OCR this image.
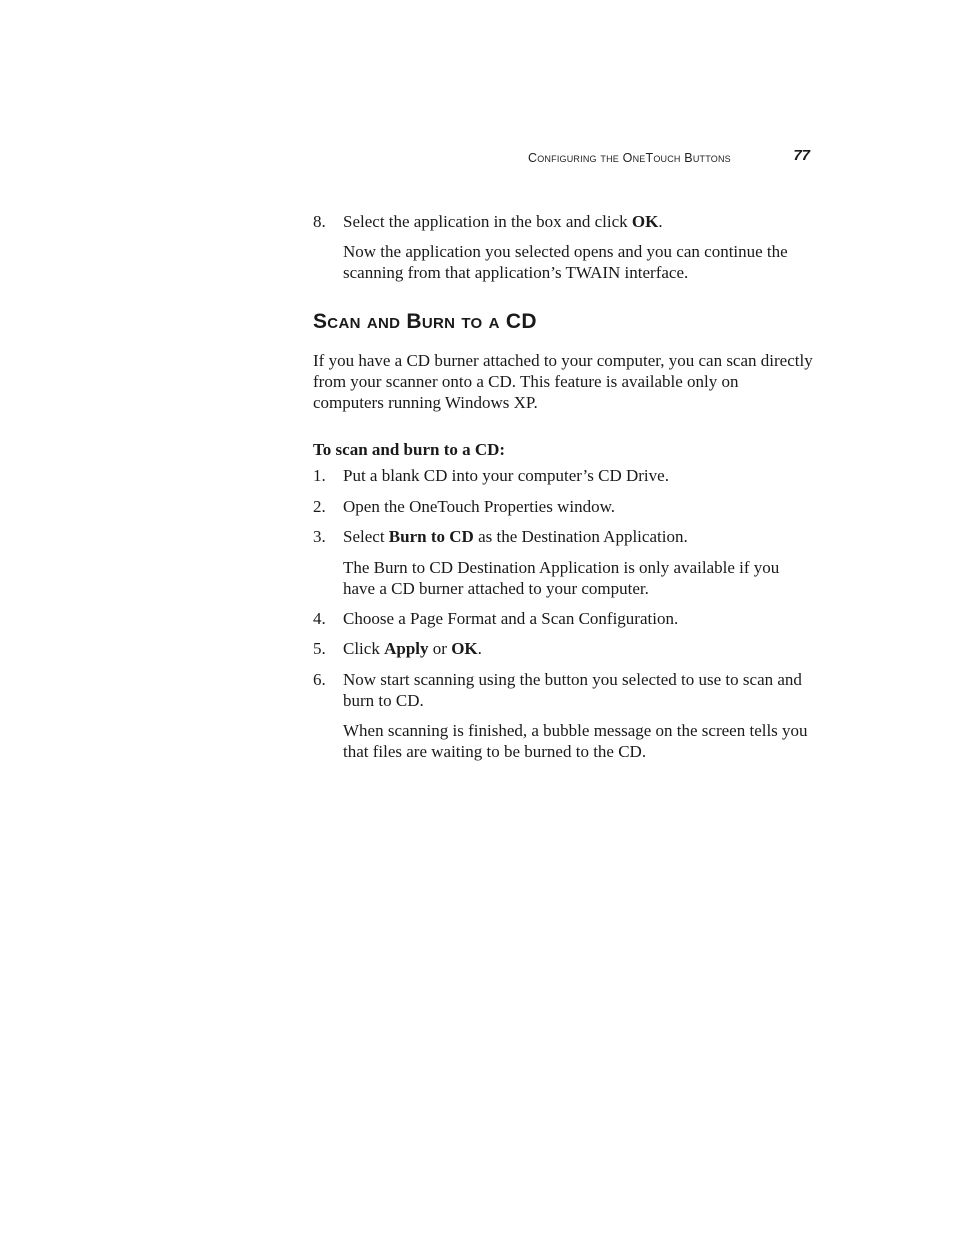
Configuring the OneTouch Buttons	77
8. Select the application in the box and click OK.

Now the application you selected opens and you can continue the scanning from that application’s TWAIN interface.

Scan and Burn to a CD

If you have a CD burner attached to your computer, you can scan directly from your scanner onto a CD. This feature is available only on computers running Windows XP.

To scan and burn to a CD:

1. Put a blank CD into your computer’s CD Drive.

2. Open the OneTouch Properties window.

3. Select Burn to CD as the Destination Application.

The Burn to CD Destination Application is only available if you have a CD burner attached to your computer.

4. Choose a Page Format and a Scan Configuration.

5. Click Apply or OK.

6. Now start scanning using the button you selected to use to scan and burn to CD.

When scanning is finished, a bubble message on the screen tells you that files are waiting to be burned to the CD.
